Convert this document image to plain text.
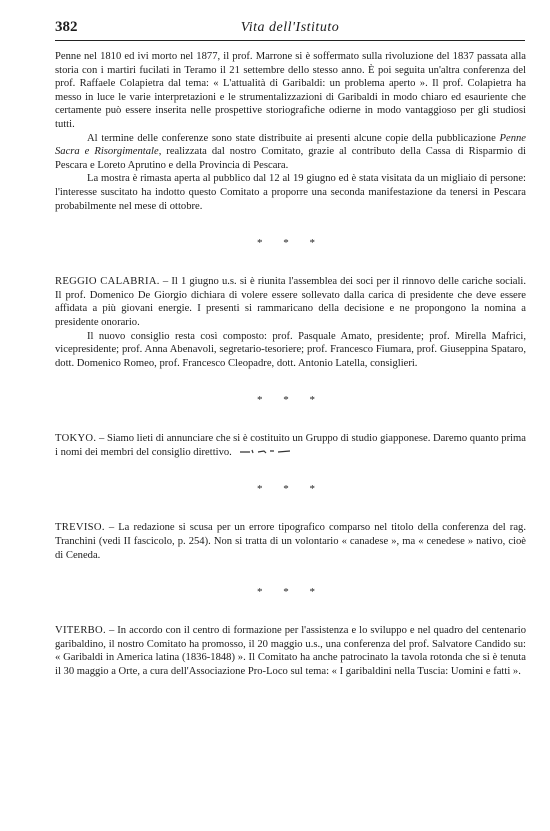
382	Vita dell'Istituto

Penne nel 1810 ed ivi morto nel 1877, il prof. Marrone si è soffermato sulla rivoluzione del 1837 passata alla storia con i martiri fucilati in Teramo il 21 settembre dello stesso anno. È poi seguita un'altra conferenza del prof. Raffaele Colapietra dal tema: « L'attualità di Garibaldi: un problema aperto ». Il prof. Colapietra ha messo in luce le varie interpretazioni e le strumentalizzazioni di Garibaldi in modo chiaro ed esauriente che certamente può essere inserita nelle prospettive storiografiche odierne in modo vantaggioso per gli studiosi tutti.

Al termine delle conferenze sono state distribuite ai presenti alcune copie della pubblicazione Penne Sacra e Risorgimentale, realizzata dal nostro Comitato, grazie al contributo della Cassa di Risparmio di Pescara e Loreto Aprutino e della Provincia di Pescara.

La mostra è rimasta aperta al pubblico dal 12 al 19 giugno ed è stata visitata da un migliaio di persone: l'interesse suscitato ha indotto questo Comitato a proporre una seconda manifestazione da tenersi in Pescara probabilmente nel mese di ottobre.

* * *

REGGIO CALABRIA. – Il 1 giugno u.s. si è riunita l'assemblea dei soci per il rinnovo delle cariche sociali. Il prof. Domenico De Giorgio dichiara di volere essere sollevato dalla carica di presidente che deve essere affidata a più giovani energie. I presenti si rammaricano della decisione e ne propongono la nomina a presidente onorario.

Il nuovo consiglio resta così composto: prof. Pasquale Amato, presidente; prof. Mirella Mafrici, vicepresidente; prof. Anna Abenavoli, segretario-tesoriere; prof. Francesco Fiumara, prof. Giuseppina Spataro, dott. Domenico Romeo, prof. Francesco Cleopadre, dott. Antonio Latella, consiglieri.

* * *

TOKYO. – Siamo lieti di annunciare che si è costituito un Gruppo di studio giapponese. Daremo quanto prima i nomi dei membri del consiglio direttivo.

* * *

TREVISO. – La redazione si scusa per un errore tipografico comparso nel titolo della conferenza del rag. Tranchini (vedi II fascicolo, p. 254). Non si tratta di un volontario « canadese », ma « cenedese » nativo, cioè di Ceneda.

* * *

VITERBO. – In accordo con il centro di formazione per l'assistenza e lo sviluppo e nel quadro del centenario garibaldino, il nostro Comitato ha promosso, il 20 maggio u.s., una conferenza del prof. Salvatore Candido su: « Garibaldi in America latina (1836-1848) ». Il Comitato ha anche patrocinato la tavola rotonda che si è tenuta il 30 maggio a Orte, a cura dell'Associazione Pro-Loco sul tema: « I garibaldini nella Tuscia: Uomini e fatti ».
